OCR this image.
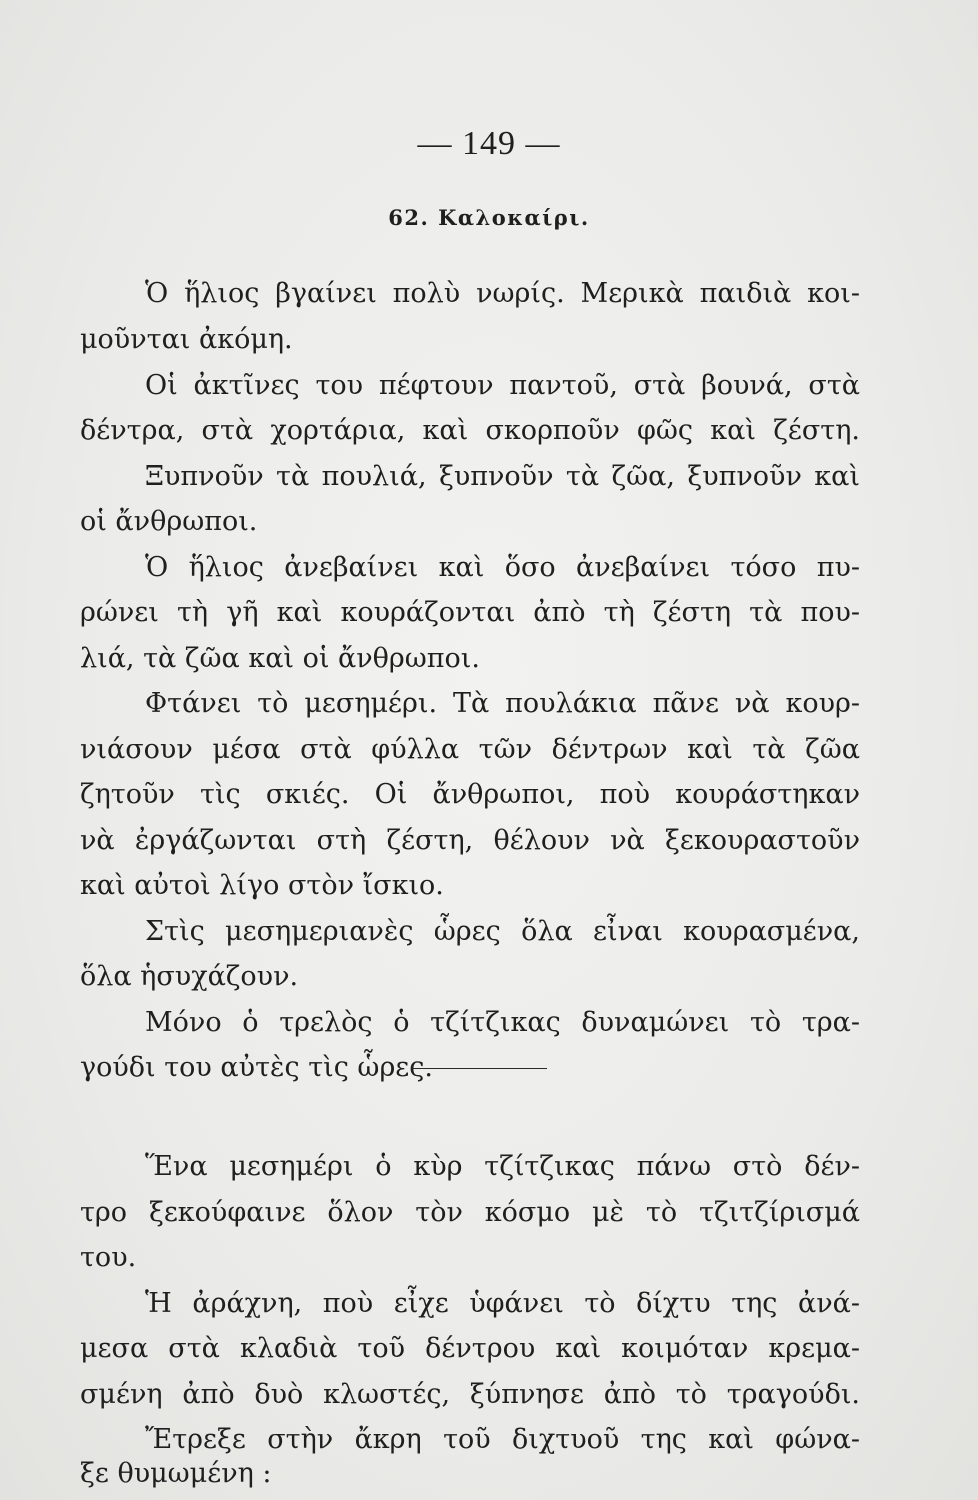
— 149 —
62. Καλοκαίρι.
Ὁ ἥλιος βγαίνει πολὺ νωρίς. Μερικὰ παιδιὰ κοι-
μοῦνται ἀκόμη.
Οἱ ἀκτῖνες του πέφτουν παντοῦ, στὰ βουνά, στὰ
δέντρα, στὰ χορτάρια, καὶ σκορποῦν φῶς καὶ ζέστη.
Ξυπνοῦν τὰ πουλιά, ξυπνοῦν τὰ ζῶα, ξυπνοῦν καὶ
οἱ ἄνθρωποι.
Ὁ ἥλιος ἀνεβαίνει καὶ ὅσο ἀνεβαίνει τόσο πυ-
ρώνει τὴ γῆ καὶ κουράζονται ἀπὸ τὴ ζέστη τὰ που-
λιά, τὰ ζῶα καὶ οἱ ἄνθρωποι.
Φτάνει τὸ μεσημέρι. Τὰ πουλάκια πᾶνε νὰ κουρ-
νιάσουν μέσα στὰ φύλλα τῶν δέντρων καὶ τὰ ζῶα
ζητοῦν τὶς σκιές. Οἱ ἄνθρωποι, ποὺ κουράστηκαν
νὰ ἐργάζωνται στὴ ζέστη, θέλουν νὰ ξεκουραστοῦν
καὶ αὐτοὶ λίγο στὸν ἴσκιο.
Στὶς μεσημεριανὲς ὧρες ὅλα εἶναι κουρασμένα,
ὅλα ἡσυχάζουν.
Μόνο ὁ τρελὸς ὁ τζίτζικας δυναμώνει τὸ τρα-
γούδι του αὐτὲς τὶς ὧρες.
Ἕνα μεσημέρι ὁ κὺρ τζίτζικας πάνω στὸ δέν-
τρο ξεκούφαινε ὅλον τὸν κόσμο μὲ τὸ τζιτζίρισμά
του.
Ἡ ἀράχνη, ποὺ εἶχε ὑφάνει τὸ δίχτυ της ἀνά-
μεσα στὰ κλαδιὰ τοῦ δέντρου καὶ κοιμόταν κρεμα-
σμένη ἀπὸ δυὸ κλωστές, ξύπνησε ἀπὸ τὸ τραγούδι.
Ἔτρεξε στὴν ἄκρη τοῦ διχτυοῦ της καὶ φώνα-
ξε θυμωμένη :
